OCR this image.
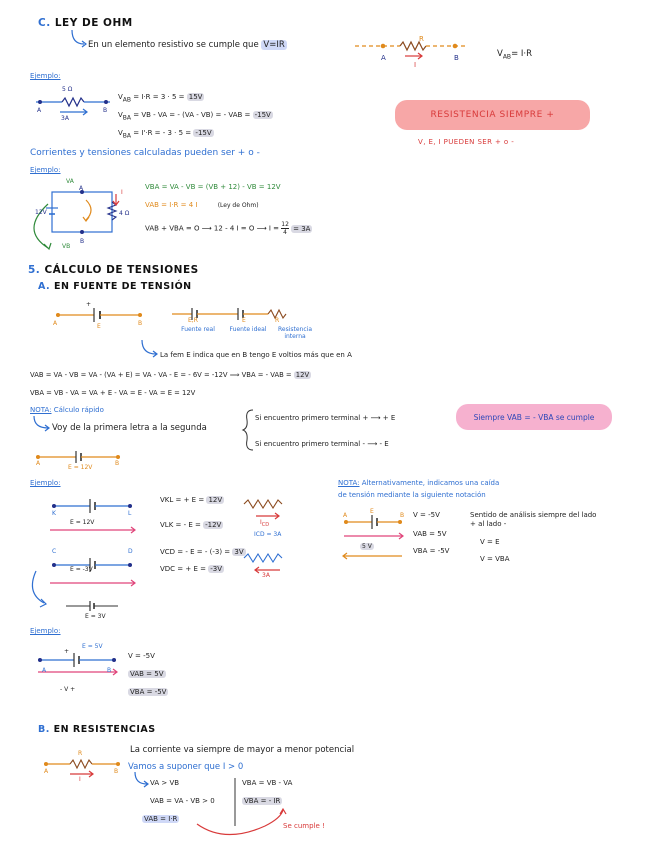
C. LEY DE OHM
En un elemento resistivo se cumple que V=IR
R
A	B
I
$V_{AB}= I\cdot R$
Ejemplo:
5 Ω
A	B
3A
$V_{AB} = I\cdot R = 3 \cdot 5 = 15V$
$V_{BA}$ = VB - VA = - (VA - VB) = - VAB = -15V
$V_{BA} = I'\cdot R$ = - 3 · 5 = -15V
RESISTENCIA SIEMPRE +
V, E, I PUEDEN SER + o -
Corrientes y tensiones calculadas pueden ser + o -
Ejemplo:
VA
A
VB
B
I
12V	4 Ω
VBA = VA - VB = (VB + 12) - VB = 12V
VAB = I·R = 4 I	(Ley de Ohm)
VAB + VBA = O ⟶ 12 - 4 I = O ⟶ $I = \frac{12}{4} = 3A$
5. CÁLCULO DE TENSIONES
A. EN FUENTE DE TENSIÓN
A	B
E
+
E,R	E	R
Fuente real	Fuente ideal	Resistencia interna
La fem E indica que en B tengo E voltios más que en A
VAB = VA - VB = VA - (VA + E) = VA - VA - E = - 6V = -12V ⟹ VBA = - VAB = 12V
VBA = VB - VA = VA + E - VA = E - VA = E = 12V
NOTA: Cálculo rápido
Voy de la primera letra a la segunda
Si encuentro primero terminal + ⟶ + E
Si encuentro primero terminal - ⟶ - E
Siempre VAB = - VBA se cumple
A	B
E = 12V
Ejemplo:
K	L
E = 12V
VKL = + E = 12V
VLK = - E = -12V
C	D
E = -3V
VCD = - E = - (-3) = 3V
VDC = + E = -3V
E = 3V
$I_{CD}$
ICD = 3A
3A
NOTA: Alternativamente, indicamos una caída
de tensión mediante la siguiente notación
A
E
B
5 V
V = -5V
VAB = 5V
VBA = -5V
Sentido de análisis siempre del lado + al lado -
V = E
V = VBA
Ejemplo:
E = 5V
+
A	B
- V +
V = -5V
VAB = 5V
VBA = -5V
B. EN RESISTENCIAS
R
A	B
I
La corriente va siempre de mayor a menor potencial
Vamos a suponer que I > 0
VA > VB
VAB = VA - VB > 0
VAB = I·R
VBA = VB - VA
VBA = - IR
Se cumple !
